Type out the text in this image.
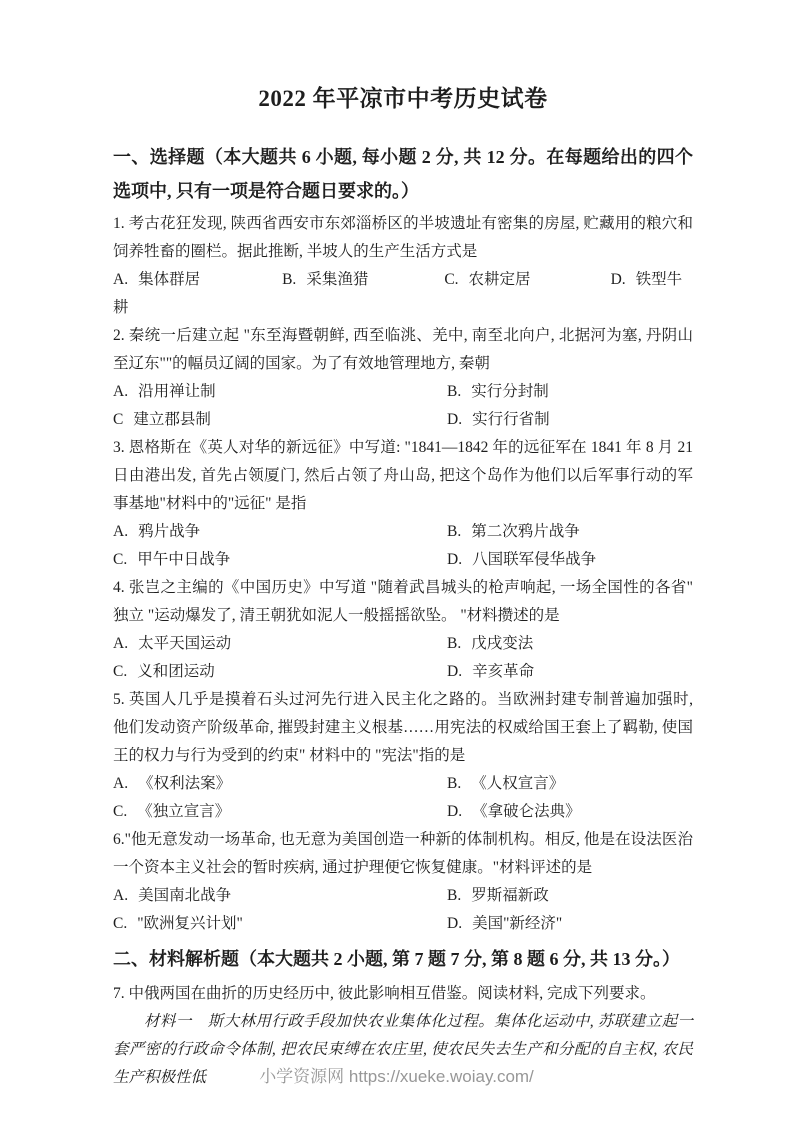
2022 年平凉市中考历史试卷
一、选择题（本大题共 6 小题, 每小题 2 分, 共 12 分。在每题给出的四个选项中, 只有一项是符合题日要求的。）

1. 考古花狂发现, 陕西省西安市东郊淄桥区的半坡遗址有密集的房屋, 贮藏用的粮穴和饲养牲畜的圈栏。据此推断, 半坡人的生产生活方式是

A. 集体群居	B. 采集渔猎	C. 农耕定居	D. 铁型牛耕

2. 秦统一后建立起 "东至海暨朝鲜, 西至临洮、羌中, 南至北向户, 北据河为塞, 丹阴山至辽东""的幅员辽阔的国家。为了有效地管理地方, 秦朝

A. 沿用禅让制	B. 实行分封制
C 建立郡县制	D. 实行行省制

3. 恩格斯在《英人对华的新远征》中写道: "1841—1842 年的远征军在 1841 年 8 月 21 日由港出发, 首先占领厦门, 然后占领了舟山岛, 把这个岛作为他们以后军事行动的军事基地"材料中的"远征" 是指

A. 鸦片战争	B. 第二次鸦片战争
C. 甲午中日战争	D. 八国联军侵华战争

4. 张岂之主编的《中国历史》中写道 "随着武昌城头的枪声响起, 一场全国性的各省" 独立 "运动爆发了, 清王朝犹如泥人一般摇摇欲坠。 "材料攒述的是

A. 太平天国运动	B. 戊戌变法
C. 义和团运动	D. 辛亥革命

5. 英国人几乎是摸着石头过河先行进入民主化之路的。当欧洲封建专制普遍加强时, 他们发动资产阶级革命, 摧毁封建主义根基……用宪法的权威给国王套上了羁勒, 使国王的权力与行为受到的约束" 材料中的 "宪法"指的是

A. 《权利法案》	B. 《人权宣言》
C. 《独立宣言》	D. 《拿破仑法典》

6."他无意发动一场革命, 也无意为美国创造一种新的体制机构。相反, 他是在设法医治一个资本主义社会的暂时疾病, 通过护理便它恢复健康。"材料评述的是

A. 美国南北战争	B. 罗斯福新政
C. "欧洲复兴计划"	D. 美国"新经济"
二、材料解析题（本大题共 2 小题, 第 7 题 7 分, 第 8 题 6 分, 共 13 分。）

7. 中俄两国在曲折的历史经历中, 彼此影响相互借鉴。阅读材料, 完成下列要求。

材料一　斯大林用行政手段加快农业集体化过程。集体化运动中, 苏联建立起一套严密的行政命令体制, 把农民束缚在农庄里, 使农民失去生产和分配的自主权, 农民生产积极性低	小学资源网 https://xueke.woiay.com/
